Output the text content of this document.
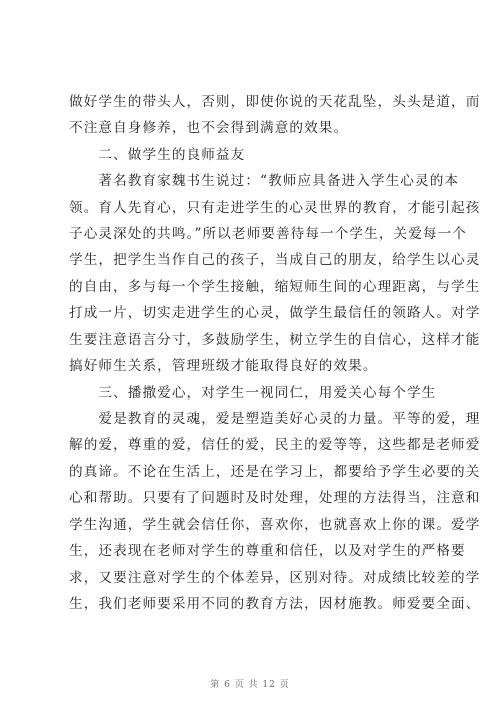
做好学生的带头人，否则，即使你说的天花乱坠，头头是道，而
不注意自身修养，也不会得到满意的效果。
　　二、做学生的良师益友
　　著名教育家魏书生说过：“教师应具备进入学生心灵的本
领。育人先育心，只有走进学生的心灵世界的教育，才能引起孩
子心灵深处的共鸣。”所以老师要善待每一个学生，关爱每一个
学生，把学生当作自己的孩子，当成自己的朋友，给学生以心灵
的自由，多与每一个学生接触，缩短师生间的心理距离，与学生
打成一片，切实走进学生的心灵，做学生最信任的领路人。对学
生要注意语言分寸，多鼓励学生，树立学生的自信心，这样才能
搞好师生关系，管理班级才能取得良好的效果。
　　三、播撒爱心，对学生一视同仁，用爱关心每个学生
　　爱是教育的灵魂，爱是塑造美好心灵的力量。平等的爱，理
解的爱，尊重的爱，信任的爱，民主的爱等等，这些都是老师爱
的真谛。不论在生活上，还是在学习上，都要给予学生必要的关
心和帮助。只要有了问题时及时处理，处理的方法得当，注意和
学生沟通，学生就会信任你，喜欢你，也就喜欢上你的课。爱学
生，还表现在老师对学生的尊重和信任，以及对学生的严格要
求，又要注意对学生的个体差异，区别对待。对成绩比较差的学
生，我们老师要采用不同的教育方法，因材施教。师爱要全面、
第 6 页 共 12 页
